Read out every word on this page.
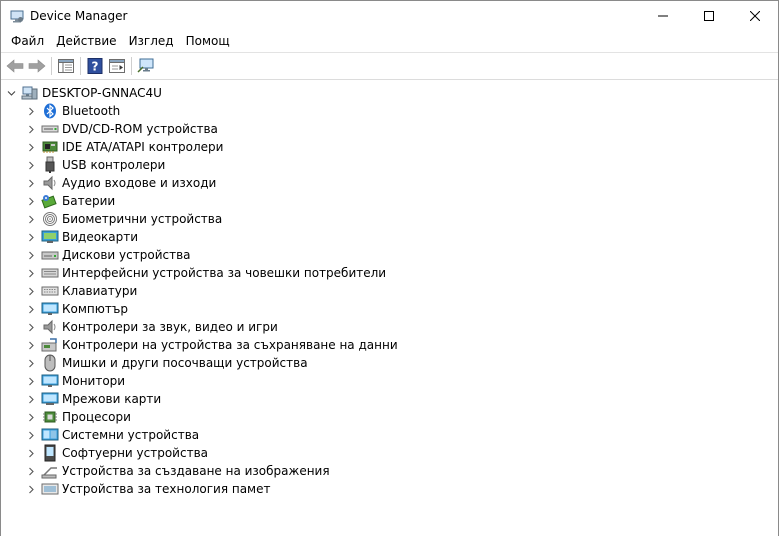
Device Manager
Файл	Действие	Изглед	Помощ
?
DESKTOP-GNNAC4U
Bluetooth
DVD/CD-ROM устройства
IDE ATA/ATAPI контролери
USB контролери
Аудио входове и изходи
Батерии
Биометрични устройства
Видеокарти
Дискови устройства
Интерфейсни устройства за човешки потребители
Клавиатури
Компютър
Контролери за звук, видео и игри
Контролери на устройства за съхраняване на данни
Мишки и други посочващи устройства
Монитори
Мрежови карти
Процесори
Системни устройства
Софтуерни устройства
Устройства за създаване на изображения
Устройства за технология памет
